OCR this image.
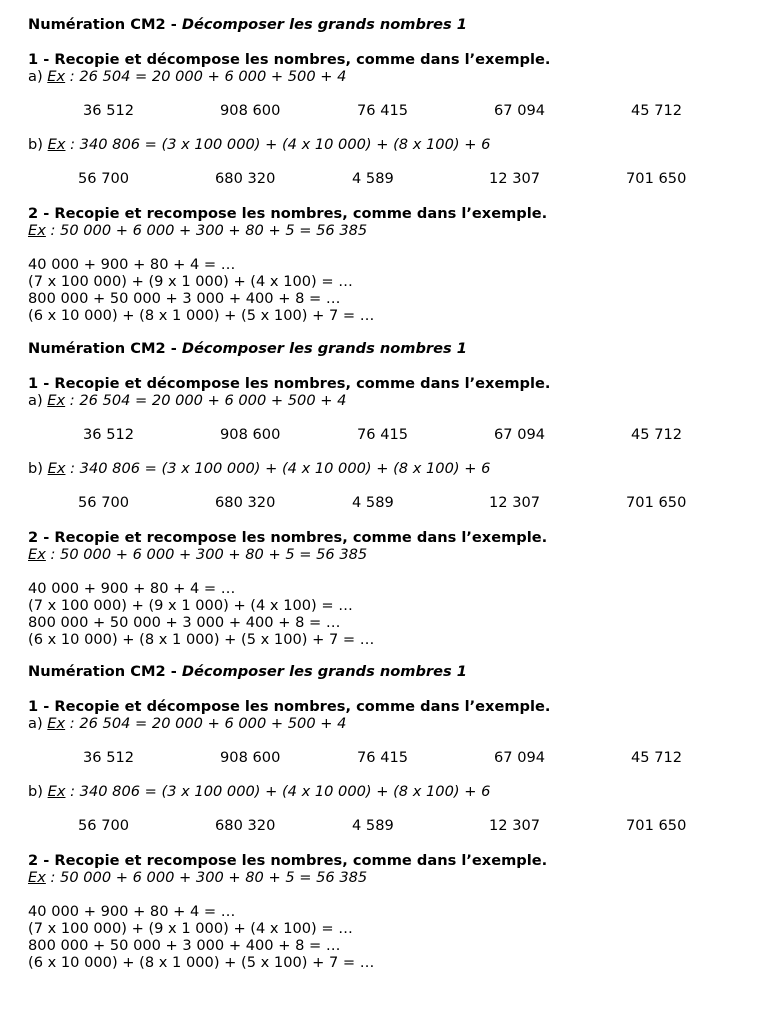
Numération CM2 - Décomposer les grands nombres 1
1 - Recopie et décompose les nombres, comme dans l’exemple.
a) Ex : 26 504 = 20 000 + 6 000 + 500 + 4
36 512	908 600	76 415	67 094	45 712
b) Ex : 340 806 = (3 x 100 000) + (4 x 10 000) + (8 x 100) + 6
56 700	680 320	4 589	12 307	701 650
2 - Recopie et recompose les nombres, comme dans l’exemple.
Ex : 50 000 + 6 000 + 300 + 80 + 5 = 56 385
40 000 + 900 + 80 + 4 = …
(7 x 100 000) + (9 x 1 000) + (4 x 100) = …
800 000 + 50 000 + 3 000 + 400 + 8 = …
(6 x 10 000) + (8 x 1 000) + (5 x 100) + 7 = …
Numération CM2 - Décomposer les grands nombres 1
1 - Recopie et décompose les nombres, comme dans l’exemple.
a) Ex : 26 504 = 20 000 + 6 000 + 500 + 4
36 512	908 600	76 415	67 094	45 712
b) Ex : 340 806 = (3 x 100 000) + (4 x 10 000) + (8 x 100) + 6
56 700	680 320	4 589	12 307	701 650
2 - Recopie et recompose les nombres, comme dans l’exemple.
Ex : 50 000 + 6 000 + 300 + 80 + 5 = 56 385
40 000 + 900 + 80 + 4 = …
(7 x 100 000) + (9 x 1 000) + (4 x 100) = …
800 000 + 50 000 + 3 000 + 400 + 8 = …
(6 x 10 000) + (8 x 1 000) + (5 x 100) + 7 = …
Numération CM2 - Décomposer les grands nombres 1
1 - Recopie et décompose les nombres, comme dans l’exemple.
a) Ex : 26 504 = 20 000 + 6 000 + 500 + 4
36 512	908 600	76 415	67 094	45 712
b) Ex : 340 806 = (3 x 100 000) + (4 x 10 000) + (8 x 100) + 6
56 700	680 320	4 589	12 307	701 650
2 - Recopie et recompose les nombres, comme dans l’exemple.
Ex : 50 000 + 6 000 + 300 + 80 + 5 = 56 385
40 000 + 900 + 80 + 4 = …
(7 x 100 000) + (9 x 1 000) + (4 x 100) = …
800 000 + 50 000 + 3 000 + 400 + 8 = …
(6 x 10 000) + (8 x 1 000) + (5 x 100) + 7 = …
